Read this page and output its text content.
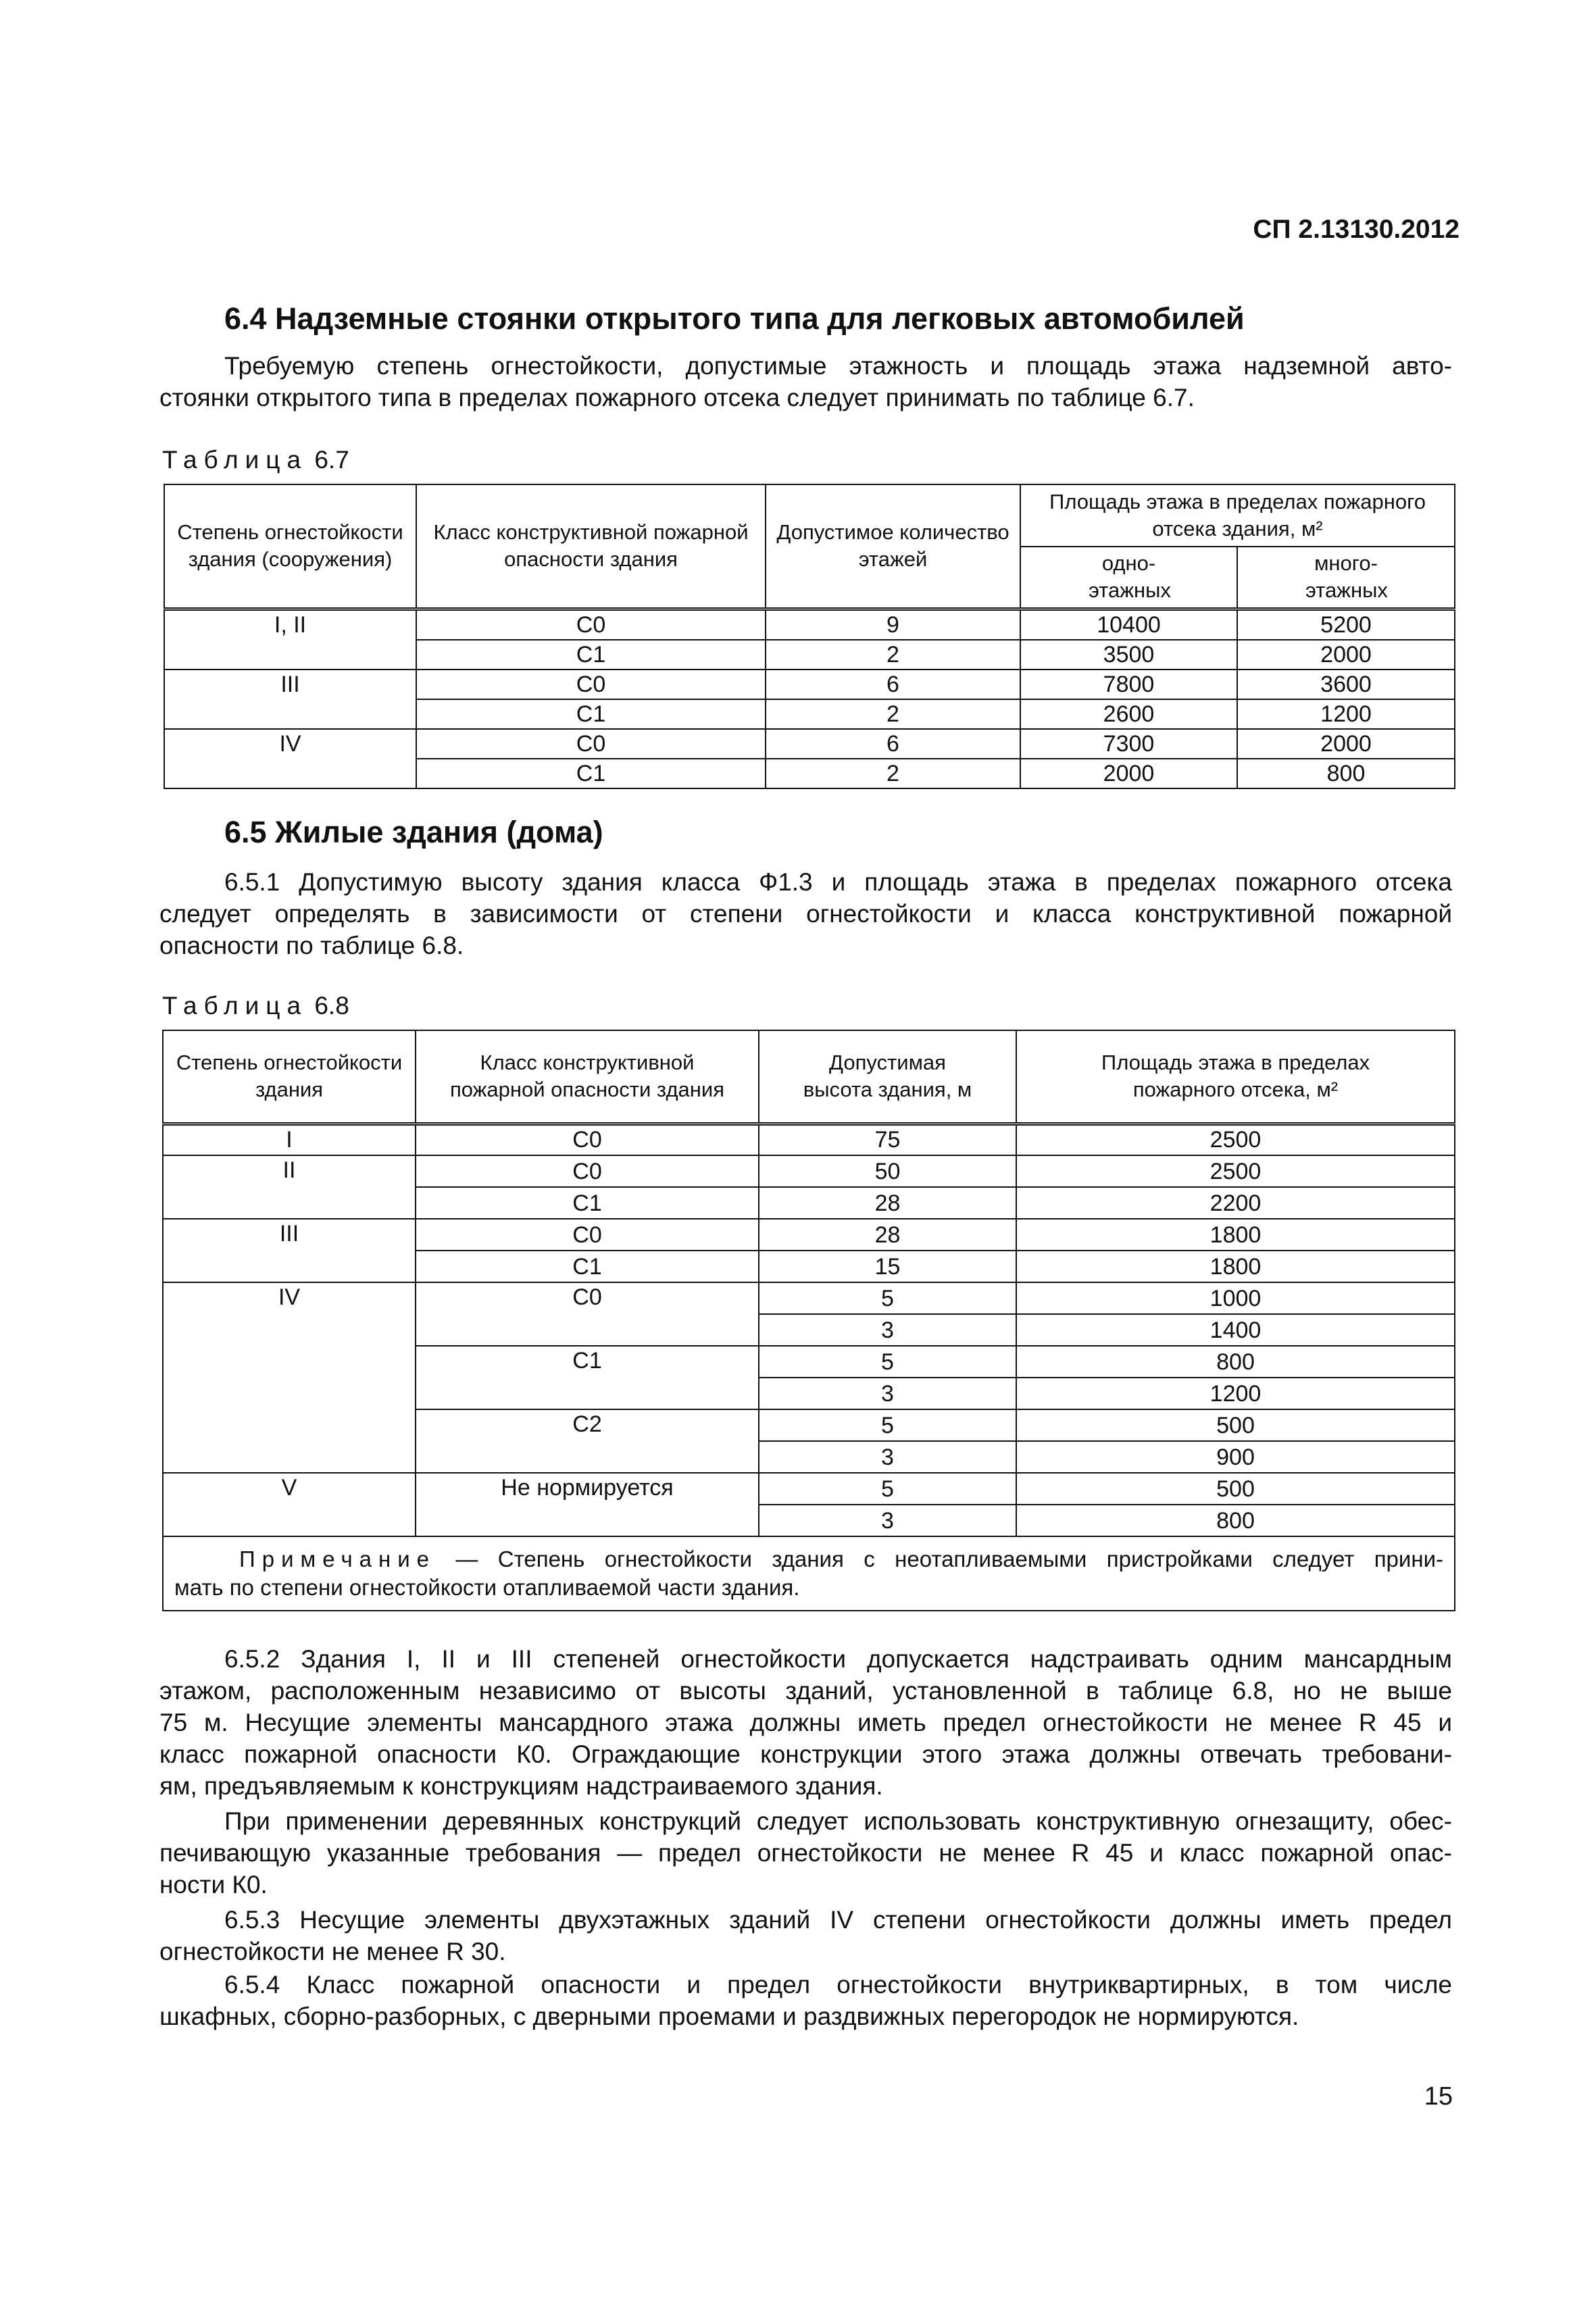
СП 2.13130.2012
6.4 Надземные стоянки открытого типа для легковых автомобилей
Требуемую степень огнестойкости, допустимые этажность и площадь этажа надземной авто-
стоянки открытого типа в пределах пожарного отсека следует принимать по таблице 6.7.
Таблица 6.7
Степень огнестойкости здания (сооружения)	Класс конструктивной пожарной опасности здания	Допустимое количество этажей	Площадь этажа в пределах пожарного отсека здания, м²	
			одно-этажных	много-этажных
I, II	С0	9	10400	5200
	С1	2	3500	2000
III	С0	6	7800	3600
	С1	2	2600	1200
IV	С0	6	7300	2000
	С1	2	2000	800
6.5 Жилые здания (дома)
6.5.1 Допустимую высоту здания класса Ф1.3 и площадь этажа в пределах пожарного отсека
следует определять в зависимости от степени огнестойкости и класса конструктивной пожарной
опасности по таблице 6.8.
Таблица 6.8
Степень огнестойкости здания	Класс конструктивной пожарной опасности здания	Допустимая высота здания, м	Площадь этажа в пределах пожарного отсека, м²
I	С0	75	2500
II	С0	50	2500
	С1	28	2200
III	С0	28	1800
	С1	15	1800
IV	С0	5	1000
		3	1400
	С1	5	800
		3	1200
	С2	5	500
		3	900
V	Не нормируется	5	500
		3	800

Примечание — Степень огнестойкости здания с неотапливаемыми пристройками следует прини-
мать по степени огнестойкости отапливаемой части здания.			
6.5.2 Здания I, II и III степеней огнестойкости допускается надстраивать одним мансардным
этажом, расположенным независимо от высоты зданий, установленной в таблице 6.8, но не выше
75 м. Несущие элементы мансардного этажа должны иметь предел огнестойкости не менее R 45 и
класс пожарной опасности К0. Ограждающие конструкции этого этажа должны отвечать требовани-
ям, предъявляемым к конструкциям надстраиваемого здания.
При применении деревянных конструкций следует использовать конструктивную огнезащиту, обес-
печивающую указанные требования — предел огнестойкости не менее R 45 и класс пожарной опас-
ности К0.
6.5.3 Несущие элементы двухэтажных зданий IV степени огнестойкости должны иметь предел
огнестойкости не менее R 30.
6.5.4 Класс пожарной опасности и предел огнестойкости внутриквартирных, в том числе
шкафных, сборно-разборных, с дверными проемами и раздвижных перегородок не нормируются.
15
